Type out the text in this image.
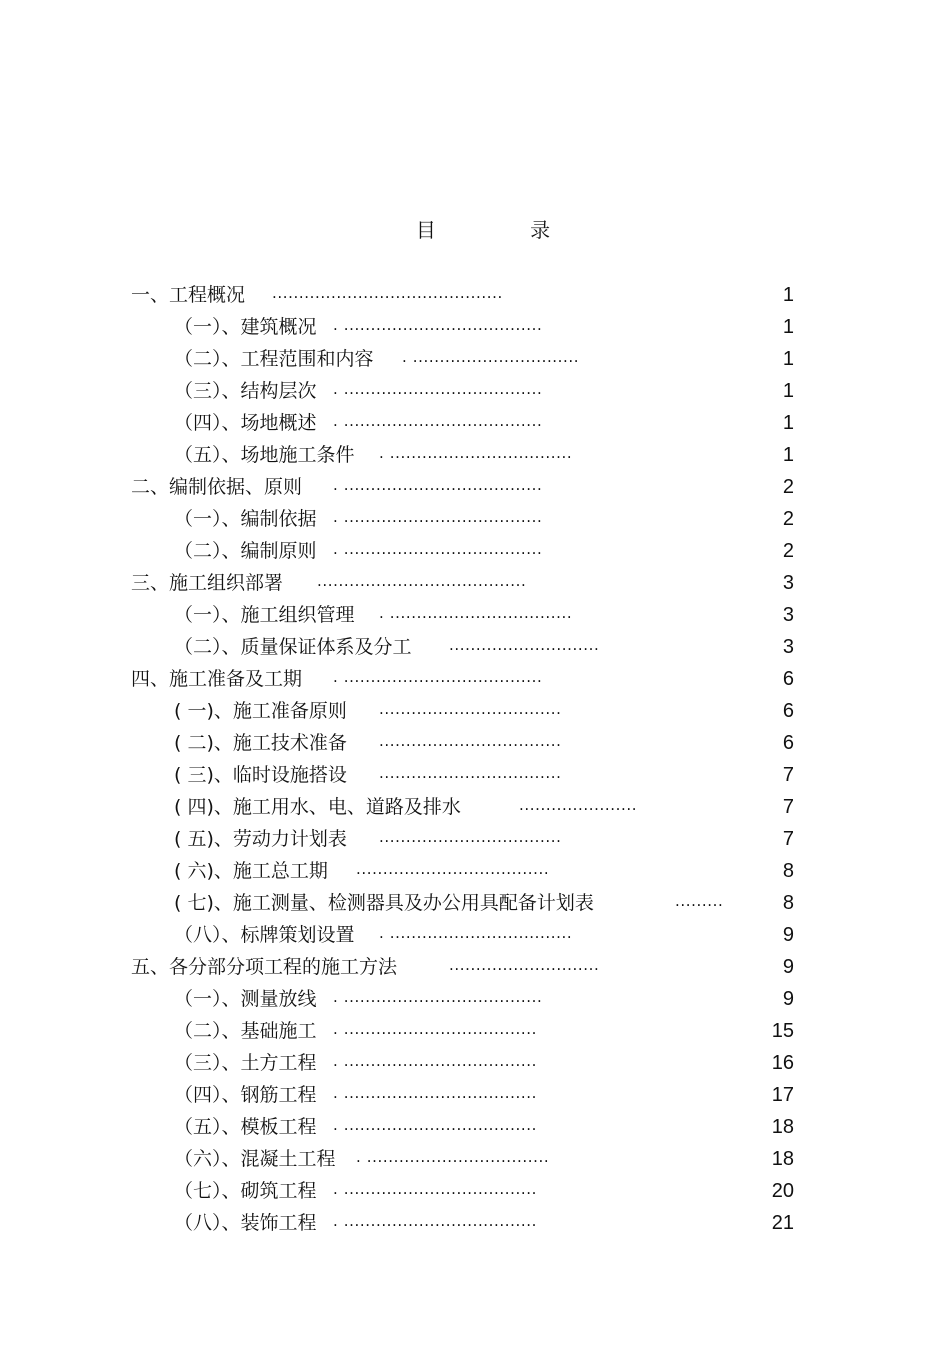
目 录
一、工程概况 ...........................................	1
（一）、建筑概况 . .....................................	1
（二）、工程范围和内容 . ...............................	1
（三）、结构层次 . .....................................	1
（四）、场地概述 . .....................................	1
（五）、场地施工条件 . ..................................	1
二、编制依据、原则 . .....................................	2
（一）、编制依据 . .....................................	2
（二）、编制原则 . .....................................	2
三、施工组织部署 .......................................	3
（一）、施工组织管理 . ..................................	3
（二）、质量保证体系及分工 ............................	3
四、施工准备及工期 . .....................................	6
( 一)、施工准备原则 ..................................	6
( 二)、施工技术准备 ..................................	6
( 三)、临时设施搭设 ..................................	7
( 四)、施工用水、电、道路及排水	......................	7
( 五)、劳动力计划表 ..................................	7
( 六)、施工总工期 ....................................	8
( 七)、施工测量、检测器具及办公用具配备计划表	.........	8
（八）、标牌策划设置 . ..................................	9
五、各分部分项工程的施工方法	............................	9
（一）、测量放线 . .....................................	9
（二）、基础施工 . ....................................	15
（三）、土方工程 . ....................................	16
（四）、钢筋工程 . ....................................	17
（五）、模板工程 . ....................................	18
（六）、混凝土工程 . ..................................	18
（七）、砌筑工程 . ....................................	20
（八）、装饰工程 . ....................................	21
